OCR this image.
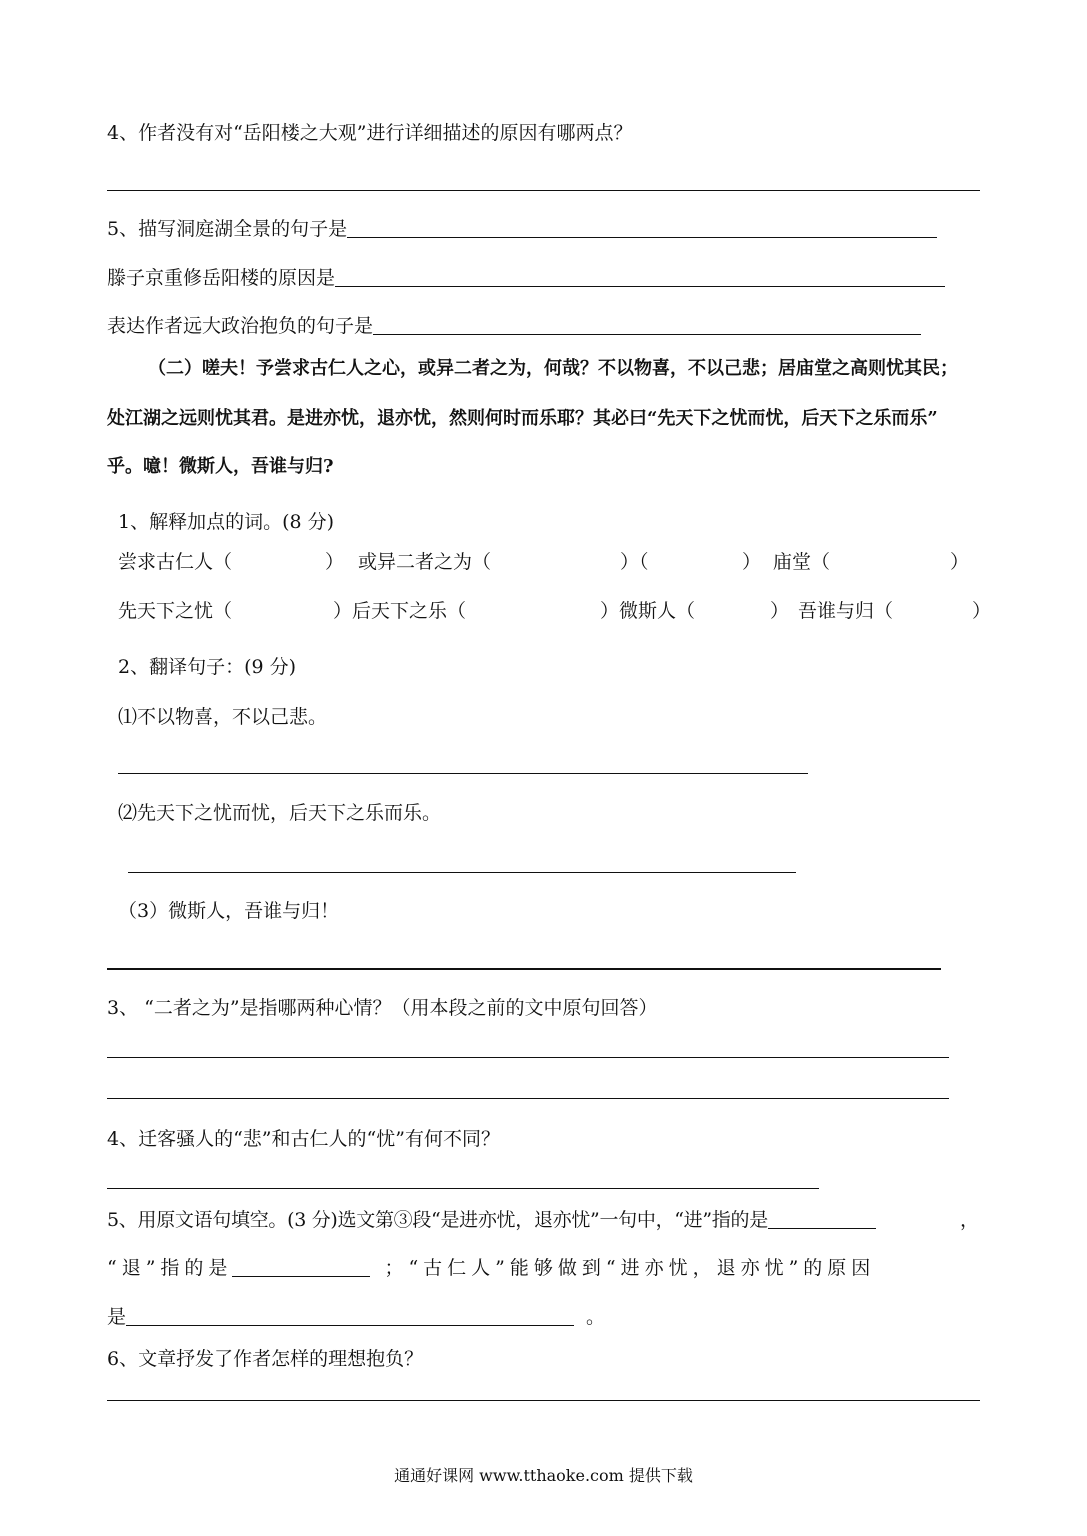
4、作者没有对“岳阳楼之大观”进行详细描述的原因有哪两点？
5、描写洞庭湖全景的句子是
滕子京重修岳阳楼的原因是
表达作者远大政治抱负的句子是
（二）嗟夫！予尝求古仁人之心，或异二者之为，何哉？不以物喜，不以己悲；居庙堂之高则忧其民；
处江湖之远则忧其君。是进亦忧，退亦忧，然则何时而乐耶？其必曰“先天下之忧而忧，后天下之乐而乐”
乎。噫！微斯人，吾谁与归?
1、解释加点的词。(8 分)
尝求古仁人（	） 或异二者之为（	）（	） 庙堂（	）
先天下之忧（	）后天下之乐（	）微斯人（	） 吾谁与归（	）
2、翻译句子：(9 分)
⑴不以物喜，不以己悲。
⑵先天下之忧而忧，后天下之乐而乐。
（3）微斯人，吾谁与归！
3、 “二者之为”是指哪两种心情？（用本段之前的文中原句回答）
4、迁客骚人的“悲”和古仁人的“忧”有何不同？
5、用原文语句填空。(3 分)选文第③段“是进亦忧，退亦忧”一句中，“进”指的是	，
“退”指的是	；“古仁人”能够做到“进亦忧，退亦忧”的原因
是	。
6、文章抒发了作者怎样的理想抱负？
通通好课网 www.tthaoke.com 提供下载
